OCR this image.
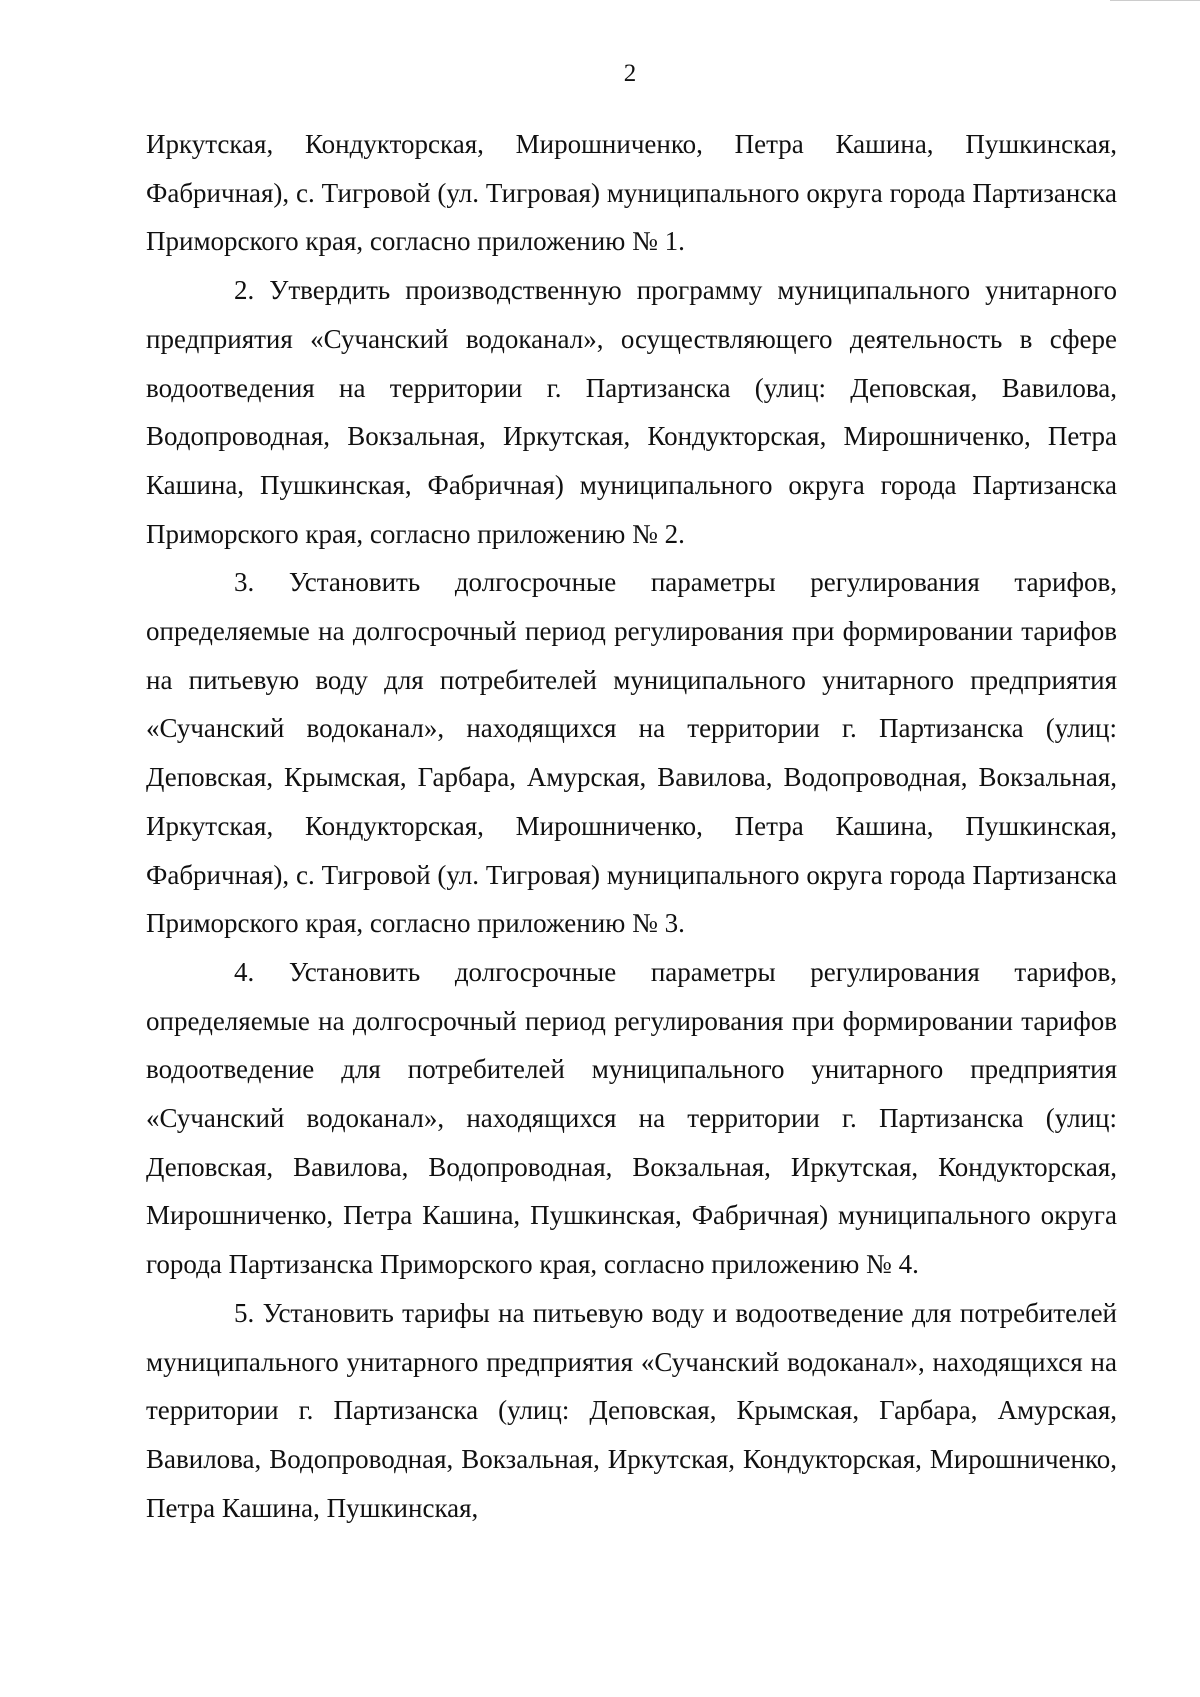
2

Иркутская, Кондукторская, Мирошниченко, Петра Кашина, Пушкинская, Фабричная), с. Тигровой (ул. Тигровая) муниципального округа города Партизанска Приморского края, согласно приложению № 1.

2. Утвердить производственную программу муниципального унитарного предприятия «Сучанский водоканал», осуществляющего деятельность в сфере водоотведения на территории г. Партизанска (улиц: Деповская, Вавилова, Водопроводная, Вокзальная, Иркутская, Кондукторская, Мирошниченко, Петра Кашина, Пушкинская, Фабричная) муниципального округа города Партизанска Приморского края, согласно приложению № 2.

3. Установить долгосрочные параметры регулирования тарифов, определяемые на долгосрочный период регулирования при формировании тарифов на питьевую воду для потребителей муниципального унитарного предприятия «Сучанский водоканал», находящихся на территории г. Партизанска (улиц: Деповская, Крымская, Гарбара, Амурская, Вавилова, Водопроводная, Вокзальная, Иркутская, Кондукторская, Мирошниченко, Петра Кашина, Пушкинская, Фабричная), с. Тигровой (ул. Тигровая) муниципального округа города Партизанска Приморского края, согласно приложению № 3.

4. Установить долгосрочные параметры регулирования тарифов, определяемые на долгосрочный период регулирования при формировании тарифов водоотведение для потребителей муниципального унитарного предприятия «Сучанский водоканал», находящихся на территории г. Партизанска (улиц: Деповская, Вавилова, Водопроводная, Вокзальная, Иркутская, Кондукторская, Мирошниченко, Петра Кашина, Пушкинская, Фабричная) муниципального округа города Партизанска Приморского края, согласно приложению № 4.

5. Установить тарифы на питьевую воду и водоотведение для потребителей муниципального унитарного предприятия «Сучанский водоканал», находящихся на территории г. Партизанска (улиц: Деповская, Крымская, Гарбара, Амурская, Вавилова, Водопроводная, Вокзальная, Иркутская, Кондукторская, Мирошниченко, Петра Кашина, Пушкинская,
